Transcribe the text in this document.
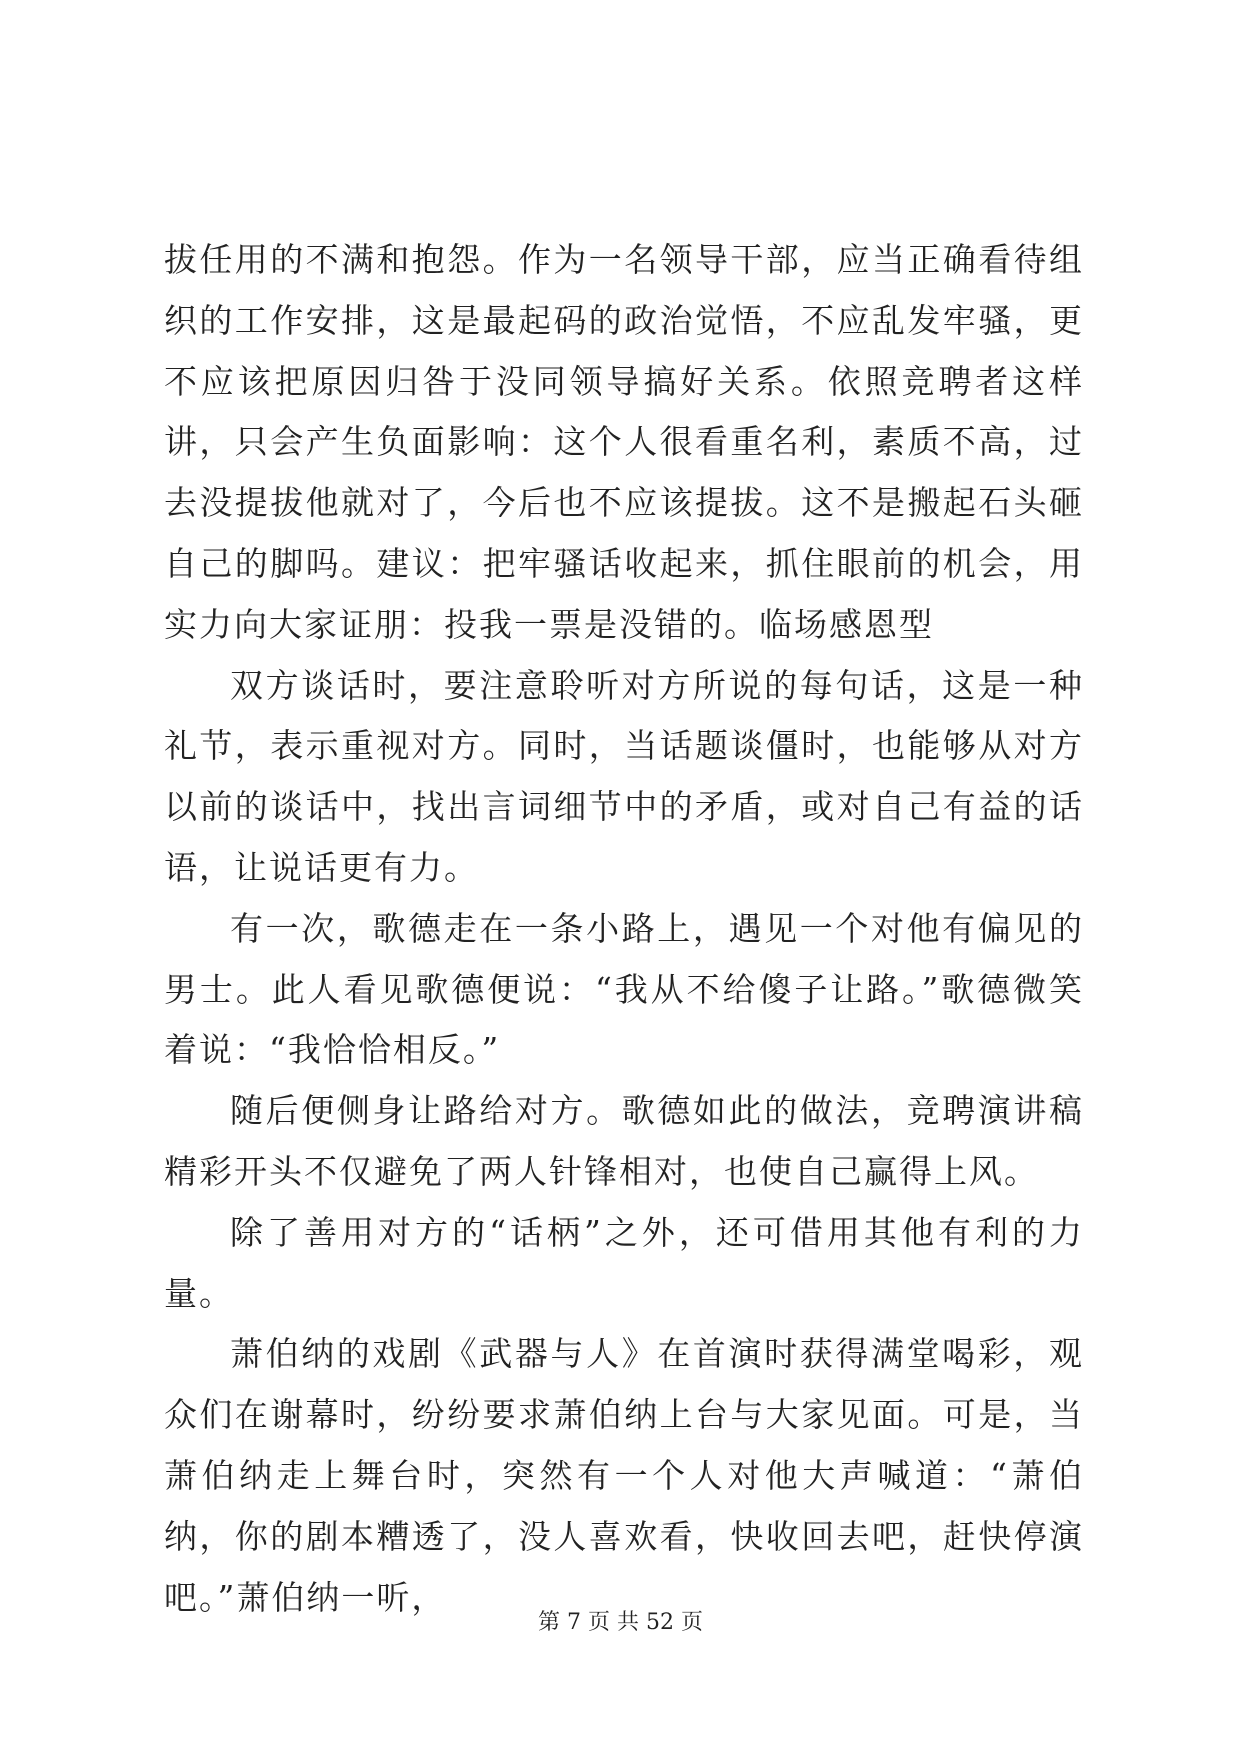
拔任用的不满和抱怨。作为一名领导干部，应当正确看待组织的工作安排，这是最起码的政治觉悟，不应乱发牢骚，更不应该把原因归咎于没同领导搞好关系。依照竞聘者这样讲，只会产生负面影响：这个人很看重名利，素质不高，过去没提拔他就对了，今后也不应该提拔。这不是搬起石头砸自己的脚吗。建议：把牢骚话收起来，抓住眼前的机会，用实力向大家证朋：投我一票是没错的。临场感恩型

双方谈话时，要注意聆听对方所说的每句话，这是一种礼节，表示重视对方。同时，当话题谈僵时，也能够从对方以前的谈话中，找出言词细节中的矛盾，或对自己有益的话语，让说话更有力。

有一次，歌德走在一条小路上，遇见一个对他有偏见的男士。此人看见歌德便说：“我从不给傻子让路。”歌德微笑着说：“我恰恰相反。”

随后便侧身让路给对方。歌德如此的做法，竞聘演讲稿精彩开头不仅避免了两人针锋相对，也使自己赢得上风。

除了善用对方的“话柄”之外，还可借用其他有利的力量。

萧伯纳的戏剧《武器与人》在首演时获得满堂喝彩，观众们在谢幕时，纷纷要求萧伯纳上台与大家见面。可是，当萧伯纳走上舞台时，突然有一个人对他大声喊道：“萧伯纳，你的剧本糟透了，没人喜欢看，快收回去吧，赶快停演吧。”萧伯纳一听，

第 7 页 共 52 页
